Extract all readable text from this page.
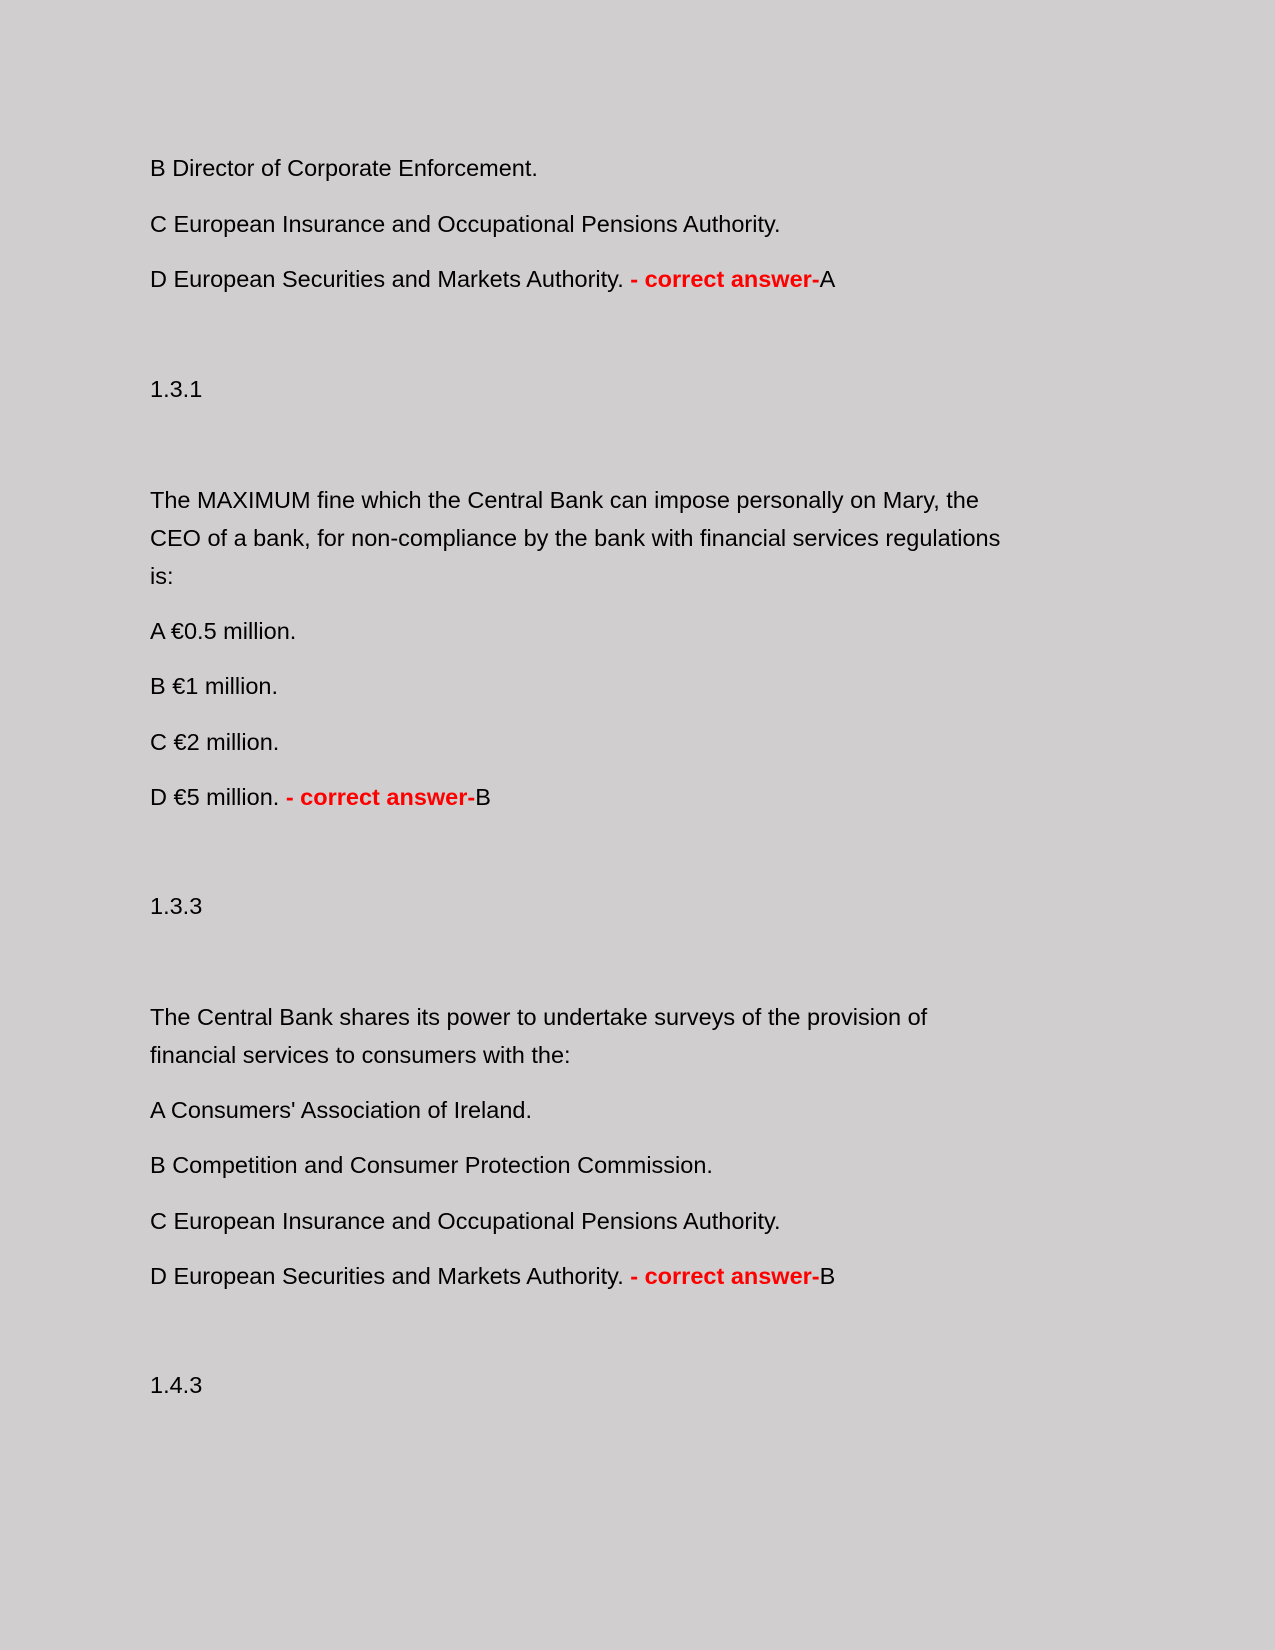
B Director of Corporate Enforcement.
C European Insurance and Occupational Pensions Authority.
D European Securities and Markets Authority. - correct answer-A
1.3.1
The MAXIMUM fine which the Central Bank can impose personally on Mary, the
CEO of a bank, for non-compliance by the bank with financial services regulations
is:
A €0.5 million.
B €1 million.
C €2 million.
D €5 million. - correct answer-B
1.3.3
The Central Bank shares its power to undertake surveys of the provision of
financial services to consumers with the:
A Consumers' Association of Ireland.
B Competition and Consumer Protection Commission.
C European Insurance and Occupational Pensions Authority.
D European Securities and Markets Authority. - correct answer-B
1.4.3
